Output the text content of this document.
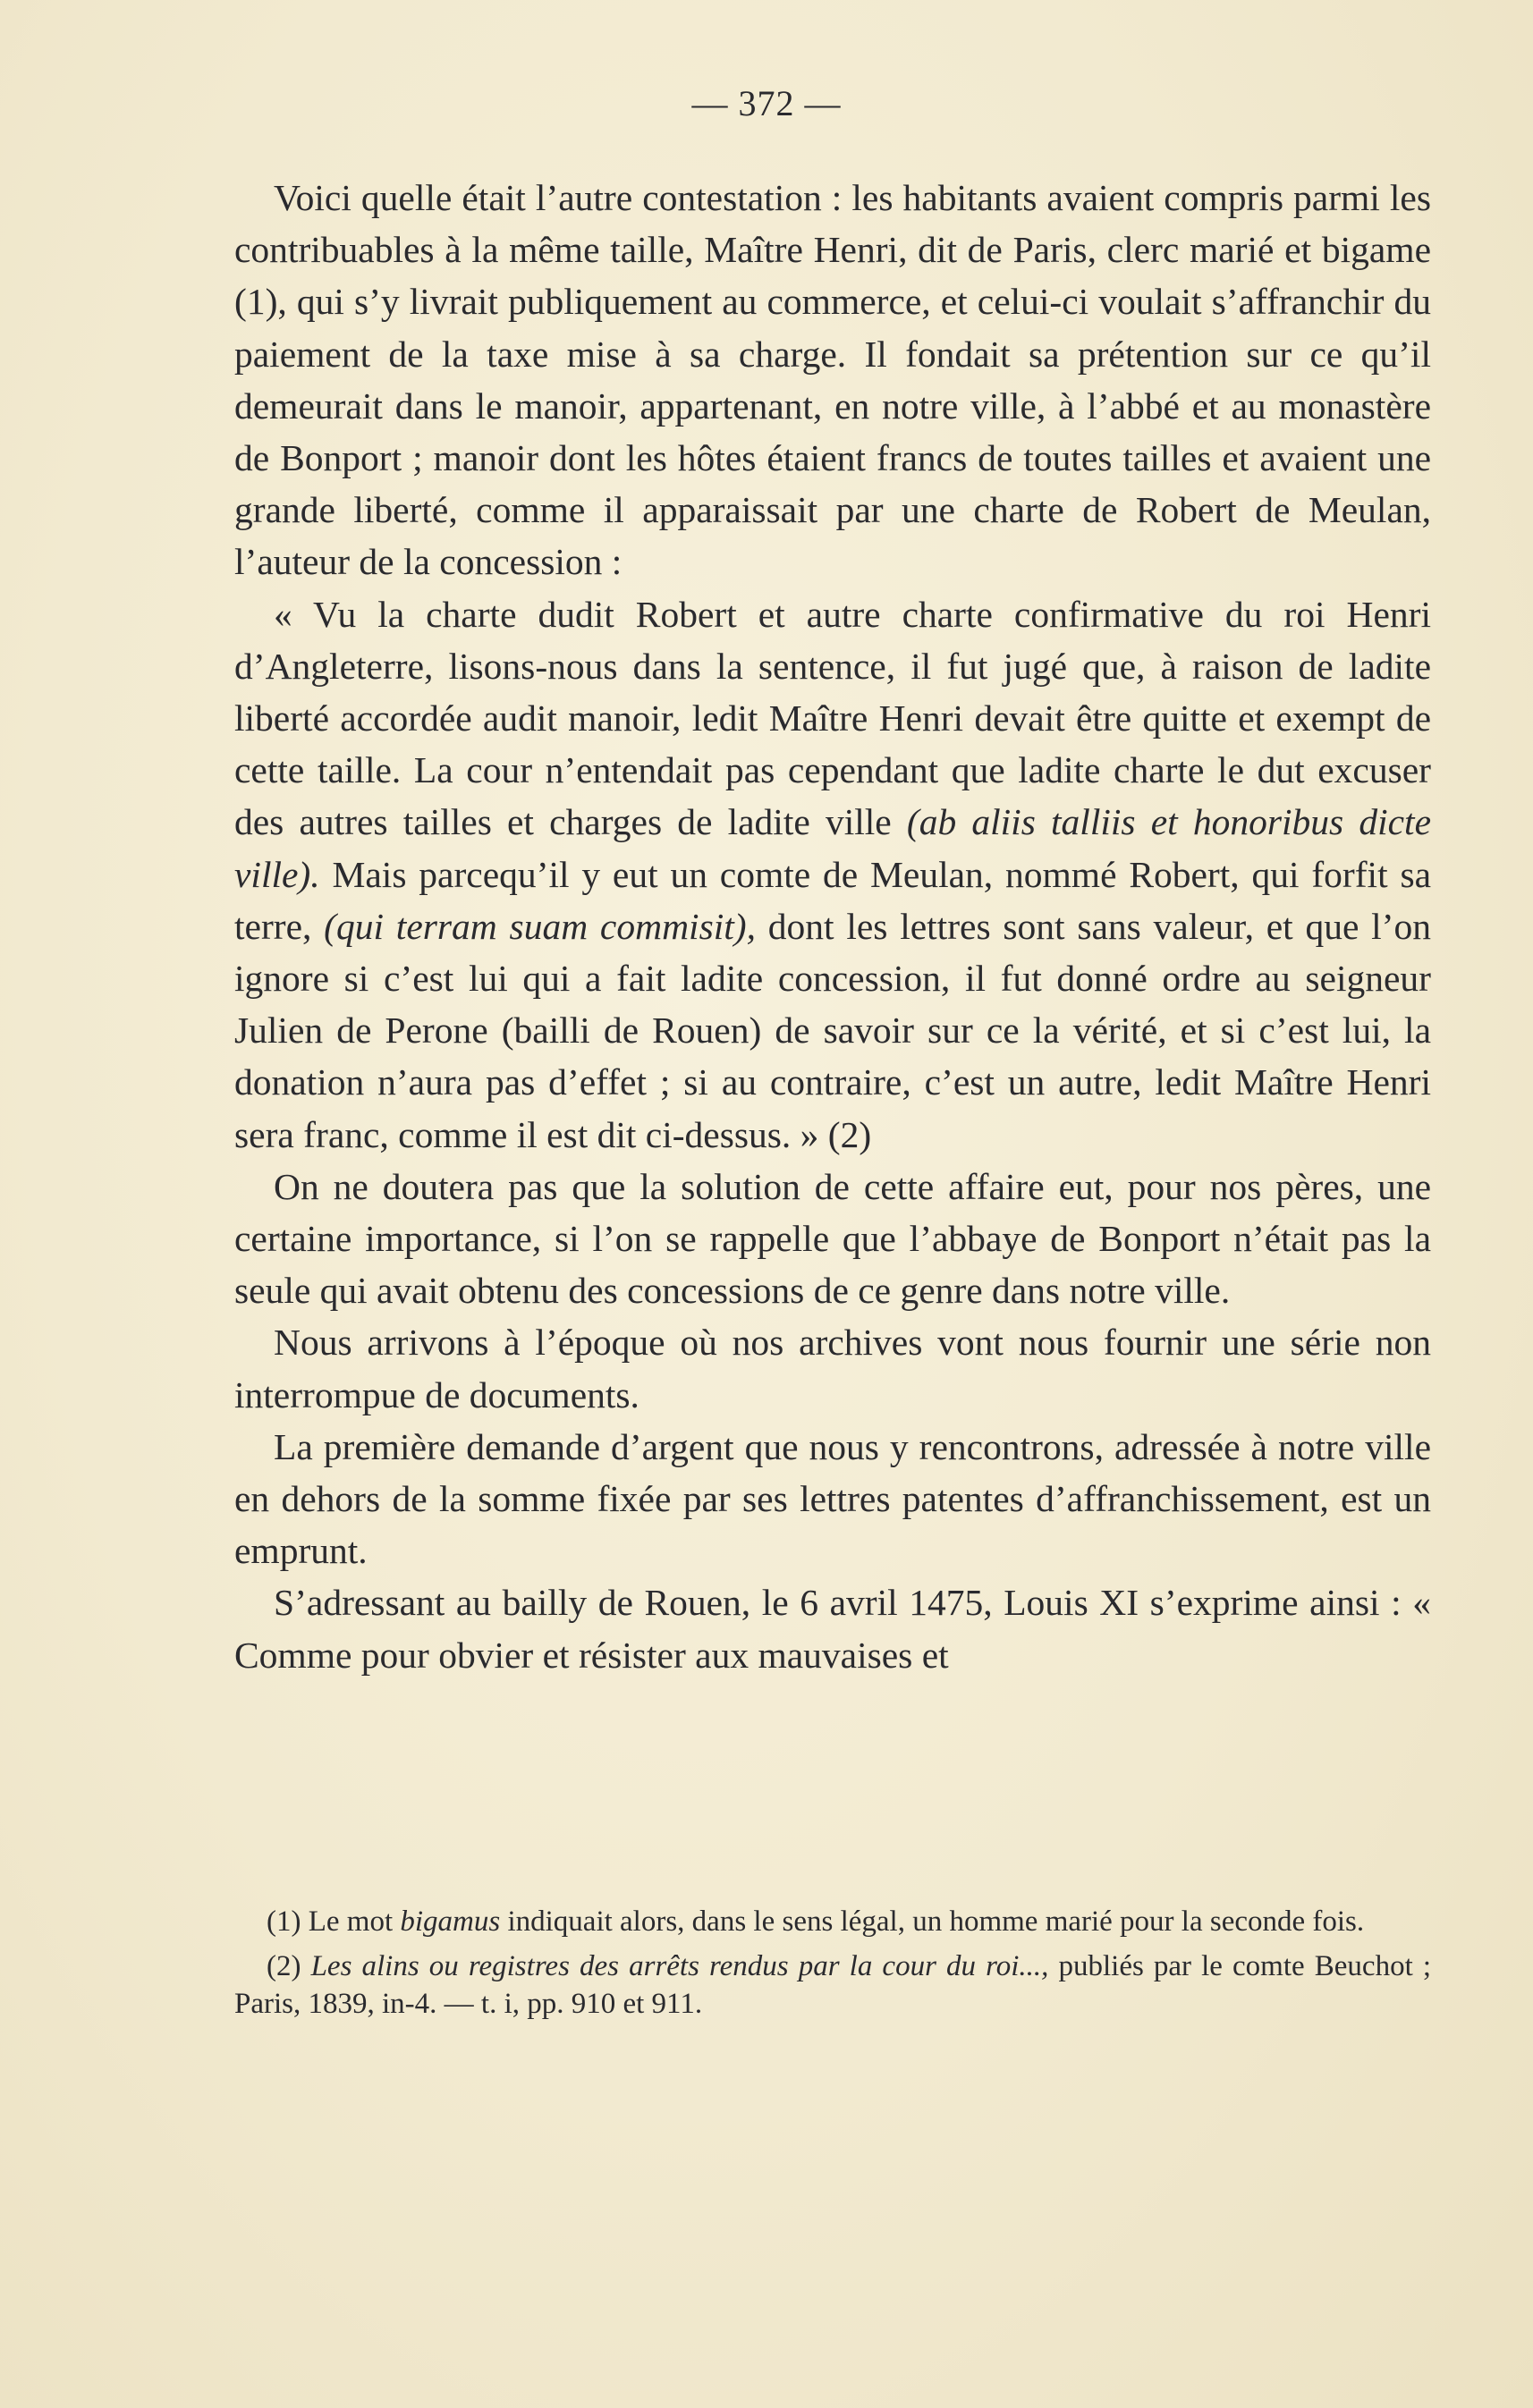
— 372 —

Voici quelle était l’autre contestation : les habitants avaient compris parmi les contribuables à la même taille, Maître Henri, dit de Paris, clerc marié et bigame (1), qui s’y livrait publiquement au commerce, et celui-ci voulait s’affranchir du paiement de la taxe mise à sa charge. Il fondait sa prétention sur ce qu’il demeurait dans le manoir, appartenant, en notre ville, à l’abbé et au monastère de Bonport ; manoir dont les hôtes étaient francs de toutes tailles et avaient une grande liberté, comme il apparaissait par une charte de Robert de Meulan, l’auteur de la concession :

« Vu la charte dudit Robert et autre charte confirmative du roi Henri d’Angleterre, lisons-nous dans la sentence, il fut jugé que, à raison de ladite liberté accordée audit manoir, ledit Maître Henri devait être quitte et exempt de cette taille. La cour n’entendait pas cependant que ladite charte le dut excuser des autres tailles et charges de ladite ville (ab aliis talliis et honoribus dicte ville). Mais parcequ’il y eut un comte de Meulan, nommé Robert, qui forfit sa terre, (qui terram suam commisit), dont les lettres sont sans valeur, et que l’on ignore si c’est lui qui a fait ladite concession, il fut donné ordre au seigneur Julien de Perone (bailli de Rouen) de savoir sur ce la vérité, et si c’est lui, la donation n’aura pas d’effet ; si au contraire, c’est un autre, ledit Maître Henri sera franc, comme il est dit ci-dessus. » (2)

On ne doutera pas que la solution de cette affaire eut, pour nos pères, une certaine importance, si l’on se rappelle que l’abbaye de Bonport n’était pas la seule qui avait obtenu des concessions de ce genre dans notre ville.

Nous arrivons à l’époque où nos archives vont nous fournir une série non interrompue de documents.

La première demande d’argent que nous y rencontrons, adressée à notre ville en dehors de la somme fixée par ses lettres patentes d’affranchissement, est un emprunt.

S’adressant au bailly de Rouen, le 6 avril 1475, Louis XI s’exprime ainsi : « Comme pour obvier et résister aux mauvaises et

(1) Le mot bigamus indiquait alors, dans le sens légal, un homme marié pour la seconde fois.

(2) Les alins ou registres des arrêts rendus par la cour du roi..., publiés par le comte Beuchot ; Paris, 1839, in-4. — t. i, pp. 910 et 911.
